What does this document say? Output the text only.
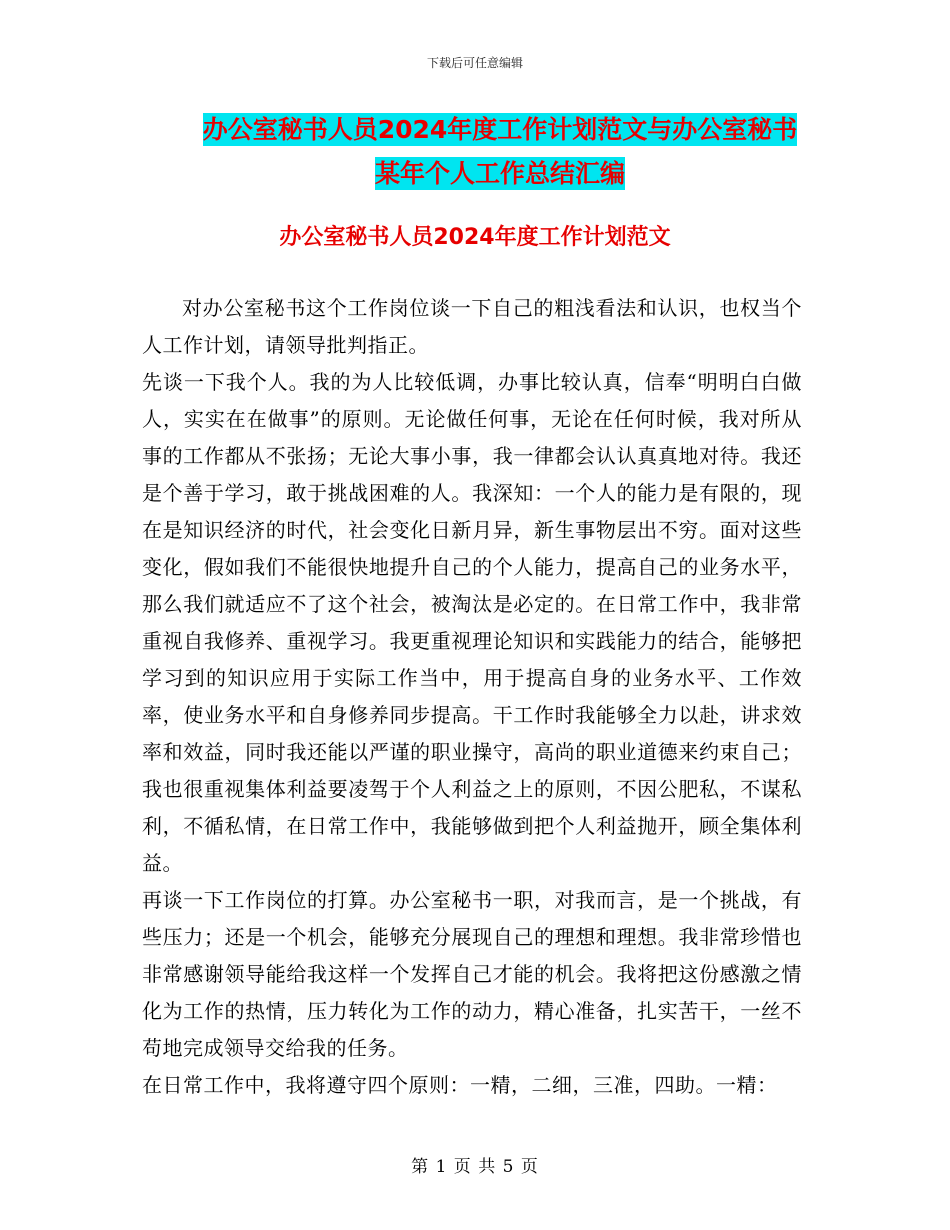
下载后可任意编辑
办公室秘书人员2024年度工作计划范文与办公室秘书
某年个人工作总结汇编
办公室秘书人员2024年度工作计划范文

对办公室秘书这个工作岗位谈一下自己的粗浅看法和认识，也权当个人工作计划，请领导批判指正。

先谈一下我个人。我的为人比较低调，办事比较认真，信奉“明明白白做人，实实在在做事”的原则。无论做任何事，无论在任何时候，我对所从事的工作都从不张扬；无论大事小事，我一律都会认认真真地对待。我还是个善于学习，敢于挑战困难的人。我深知：一个人的能力是有限的，现在是知识经济的时代，社会变化日新月异，新生事物层出不穷。面对这些变化，假如我们不能很快地提升自己的个人能力，提高自己的业务水平，那么我们就适应不了这个社会，被淘汰是必定的。在日常工作中，我非常重视自我修养、重视学习。我更重视理论知识和实践能力的结合，能够把学习到的知识应用于实际工作当中，用于提高自身的业务水平、工作效率，使业务水平和自身修养同步提高。干工作时我能够全力以赴，讲求效率和效益，同时我还能以严谨的职业操守，高尚的职业道德来约束自己；我也很重视集体利益要凌驾于个人利益之上的原则，不因公肥私，不谋私利，不循私情，在日常工作中，我能够做到把个人利益抛开，顾全集体利益。

再谈一下工作岗位的打算。办公室秘书一职，对我而言，是一个挑战，有些压力；还是一个机会，能够充分展现自己的理想和理想。我非常珍惜也非常感谢领导能给我这样一个发挥自己才能的机会。我将把这份感激之情化为工作的热情，压力转化为工作的动力，精心准备，扎实苦干，一丝不苟地完成领导交给我的任务。

在日常工作中，我将遵守四个原则：一精，二细，三准，四助。一精：

第 1 页 共 5 页
